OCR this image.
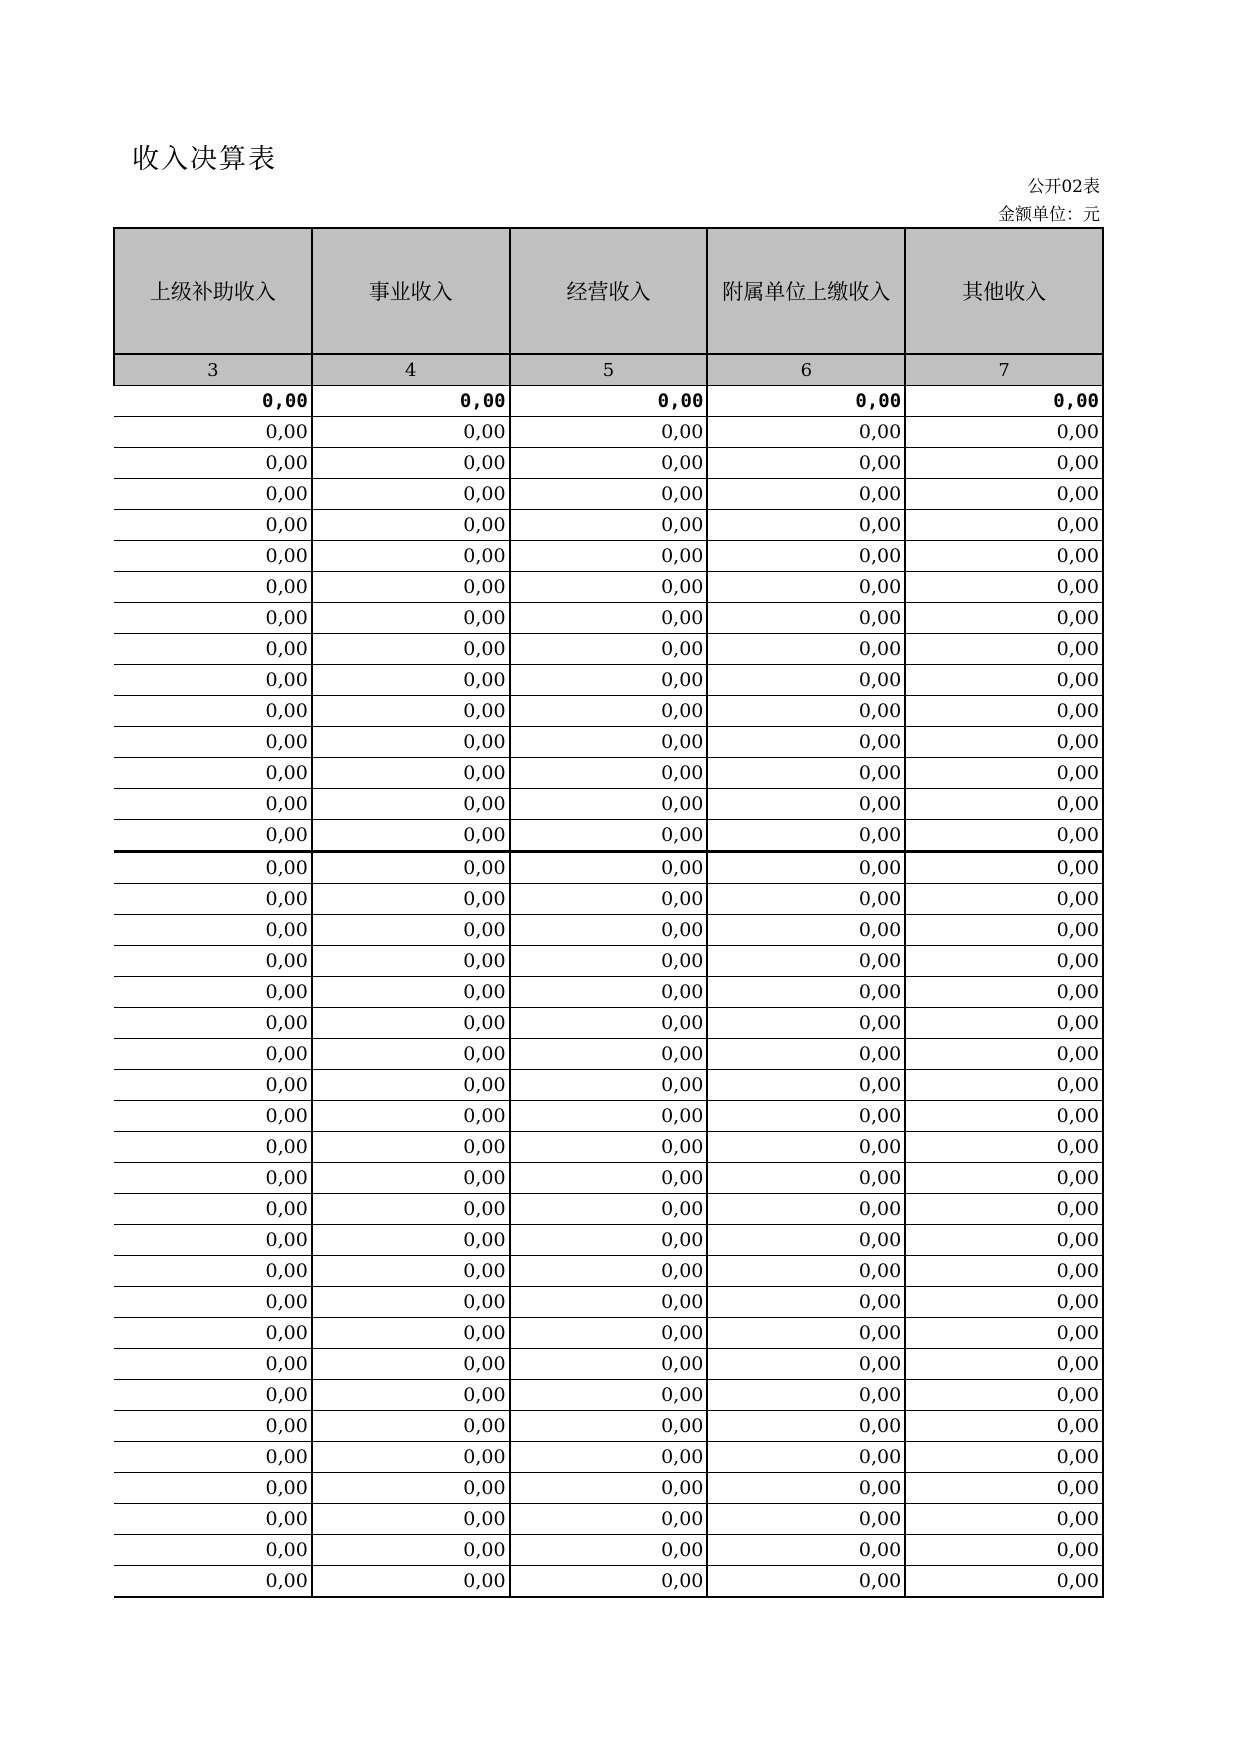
收入决算表
公开02表
金额单位：元
上级补助收入	事业收入	经营收入	附属单位上缴收入	其他收入
3	4	5	6	7
0,00	0,00	0,00	0,00	0,00
0,00	0,00	0,00	0,00	0,00
0,00	0,00	0,00	0,00	0,00
0,00	0,00	0,00	0,00	0,00
0,00	0,00	0,00	0,00	0,00
0,00	0,00	0,00	0,00	0,00
0,00	0,00	0,00	0,00	0,00
0,00	0,00	0,00	0,00	0,00
0,00	0,00	0,00	0,00	0,00
0,00	0,00	0,00	0,00	0,00
0,00	0,00	0,00	0,00	0,00
0,00	0,00	0,00	0,00	0,00
0,00	0,00	0,00	0,00	0,00
0,00	0,00	0,00	0,00	0,00
0,00	0,00	0,00	0,00	0,00
0,00	0,00	0,00	0,00	0,00
0,00	0,00	0,00	0,00	0,00
0,00	0,00	0,00	0,00	0,00
0,00	0,00	0,00	0,00	0,00
0,00	0,00	0,00	0,00	0,00
0,00	0,00	0,00	0,00	0,00
0,00	0,00	0,00	0,00	0,00
0,00	0,00	0,00	0,00	0,00
0,00	0,00	0,00	0,00	0,00
0,00	0,00	0,00	0,00	0,00
0,00	0,00	0,00	0,00	0,00
0,00	0,00	0,00	0,00	0,00
0,00	0,00	0,00	0,00	0,00
0,00	0,00	0,00	0,00	0,00
0,00	0,00	0,00	0,00	0,00
0,00	0,00	0,00	0,00	0,00
0,00	0,00	0,00	0,00	0,00
0,00	0,00	0,00	0,00	0,00
0,00	0,00	0,00	0,00	0,00
0,00	0,00	0,00	0,00	0,00
0,00	0,00	0,00	0,00	0,00
0,00	0,00	0,00	0,00	0,00
0,00	0,00	0,00	0,00	0,00
0,00	0,00	0,00	0,00	0,00
